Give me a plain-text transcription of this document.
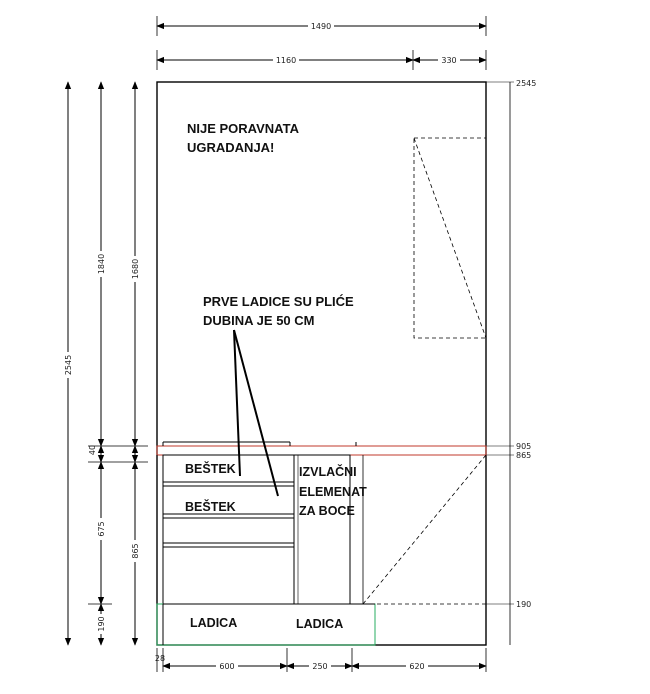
1490
1160	330
2545
1840	1680
40
675
865
190
2545
905
865
190
28
600	250	620
NIJE PORAVNATA
UGRADANJA!
PRVE LADICE SU PLIĆE
DUBINA JE 50 CM
BEŠTEK
BEŠTEK
IZVLAČNI
ELEMENAT
ZA BOCE
LADICA	LADICA
